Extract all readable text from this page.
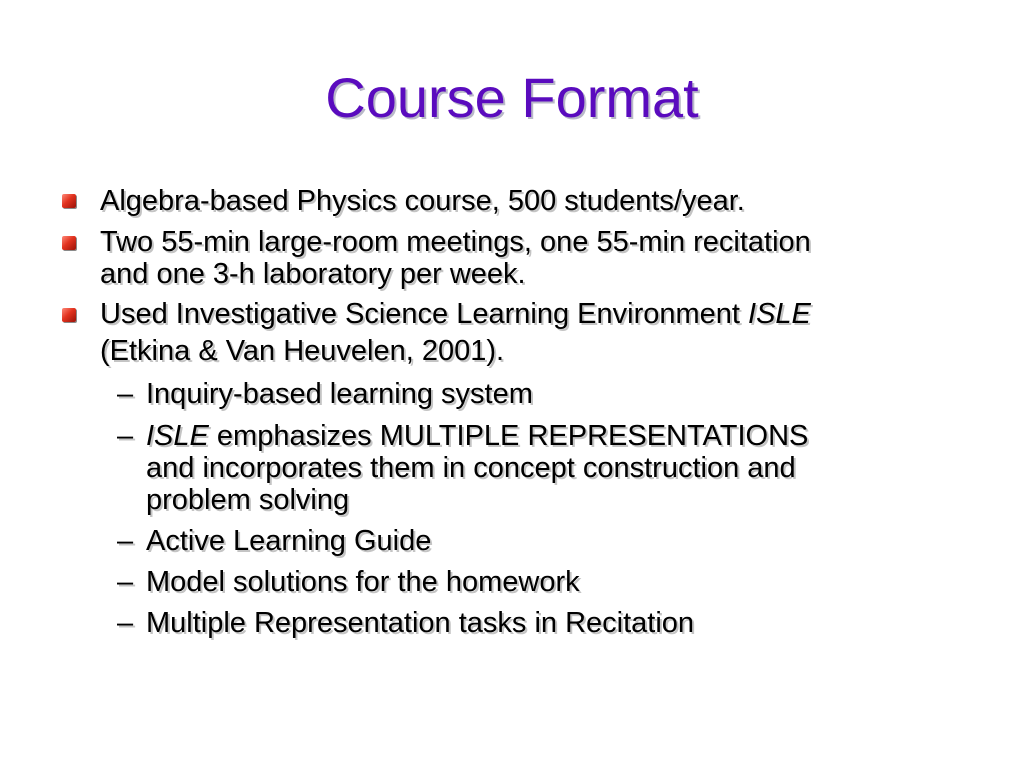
Course Format
Algebra-based Physics course, 500 students/year.
Two 55-min large-room meetings, one 55-min recitation
and one 3-h laboratory per week.
Used Investigative Science Learning Environment ISLE
(Etkina & Van Heuvelen, 2001).
– Inquiry-based learning system
– ISLE emphasizes MULTIPLE REPRESENTATIONS
and incorporates them in concept construction and
problem solving
– Active Learning Guide
– Model solutions for the homework
– Multiple Representation tasks in Recitation
